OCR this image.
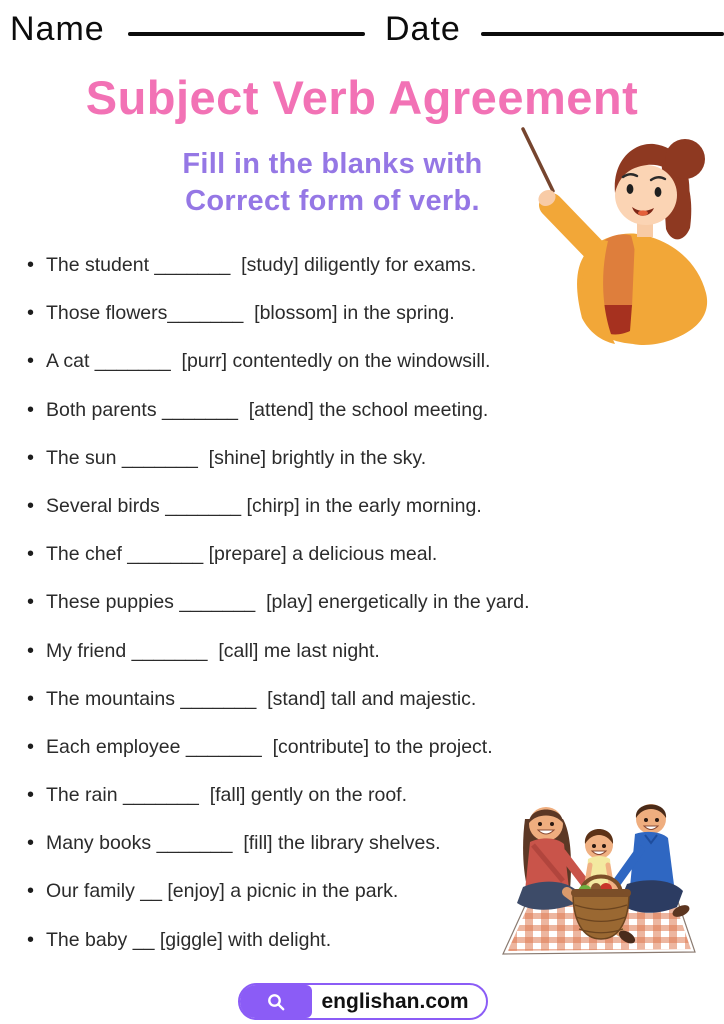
Name	Date
Subject Verb Agreement
Fill in the blanks with
Correct form of verb.
• The student _______  [study] diligently for exams.
• Those flowers_______  [blossom] in the spring.
• A cat _______  [purr] contentedly on the windowsill.
• Both parents _______  [attend] the school meeting.
• The sun _______  [shine] brightly in the sky.
• Several birds _______ [chirp] in the early morning.
• The chef _______ [prepare] a delicious meal.
• These puppies _______  [play] energetically in the yard.
• My friend _______  [call] me last night.
• The mountains _______  [stand] tall and majestic.
• Each employee _______  [contribute] to the project.
• The rain _______  [fall] gently on the roof.
• Many books _______  [fill] the library shelves.
• Our family __ [enjoy] a picnic in the park.
• The baby __ [giggle] with delight.
englishan.com
